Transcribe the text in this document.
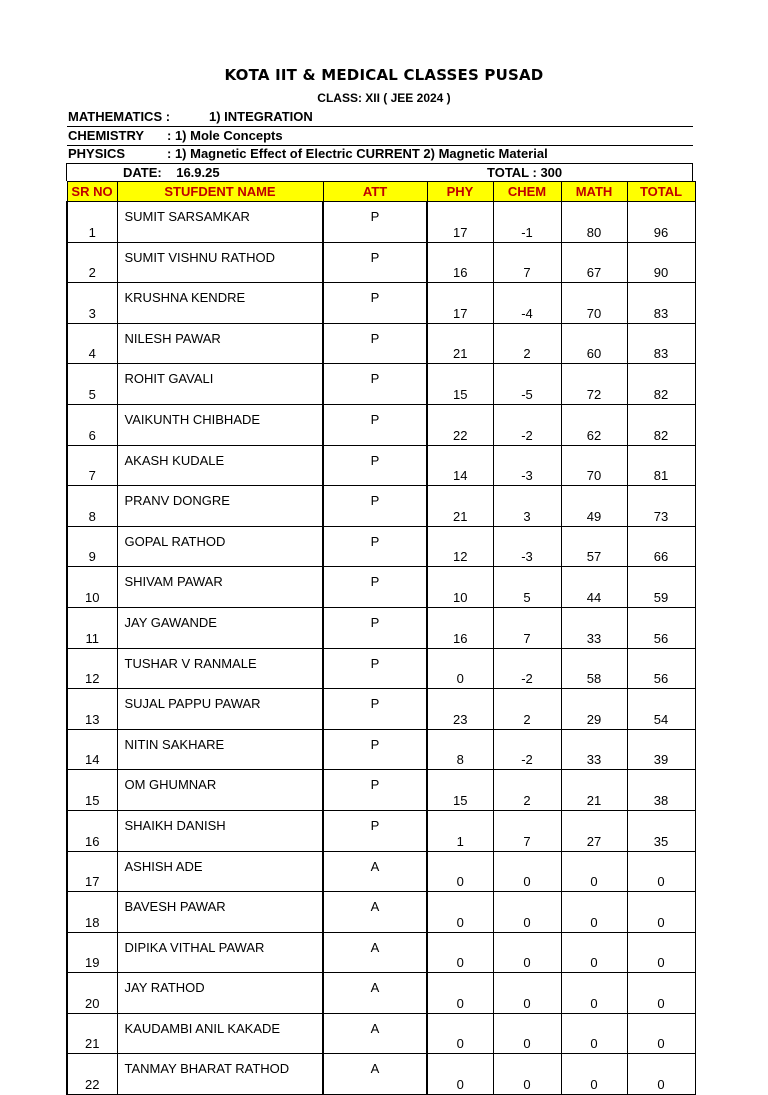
KOTA IIT & MEDICAL CLASSES PUSAD
CLASS: XII ( JEE 2024 )
MATHEMATICS :	1) INTEGRATION
CHEMISTRY : 1) Mole Concepts
PHYSICS	: 1) Magnetic Effect of Electric CURRENT 2) Magnetic Material
DATE: 16.9.25	TOTAL : 300
SR NO	STUFDENT NAME	ATT	PHY	CHEM	MATH	TOTAL
1	SUMIT SARSAMKAR	P	17	-1	80	96
2	SUMIT VISHNU RATHOD	P	16	7	67	90
3	KRUSHNA KENDRE	P	17	-4	70	83
4	NILESH PAWAR	P	21	2	60	83
5	ROHIT GAVALI	P	15	-5	72	82
6	VAIKUNTH CHIBHADE	P	22	-2	62	82
7	AKASH KUDALE	P	14	-3	70	81
8	PRANV DONGRE	P	21	3	49	73
9	GOPAL RATHOD	P	12	-3	57	66
10	SHIVAM PAWAR	P	10	5	44	59
11	JAY GAWANDE	P	16	7	33	56
12	TUSHAR V RANMALE	P	0	-2	58	56
13	SUJAL PAPPU PAWAR	P	23	2	29	54
14	NITIN SAKHARE	P	8	-2	33	39
15	OM GHUMNAR	P	15	2	21	38
16	SHAIKH DANISH	P	1	7	27	35
17	ASHISH ADE	A	0	0	0	0
18	BAVESH PAWAR	A	0	0	0	0
19	DIPIKA VITHAL PAWAR	A	0	0	0	0
20	JAY RATHOD	A	0	0	0	0
21	KAUDAMBI ANIL KAKADE	A	0	0	0	0
22	TANMAY BHARAT RATHOD	A	0	0	0	0
